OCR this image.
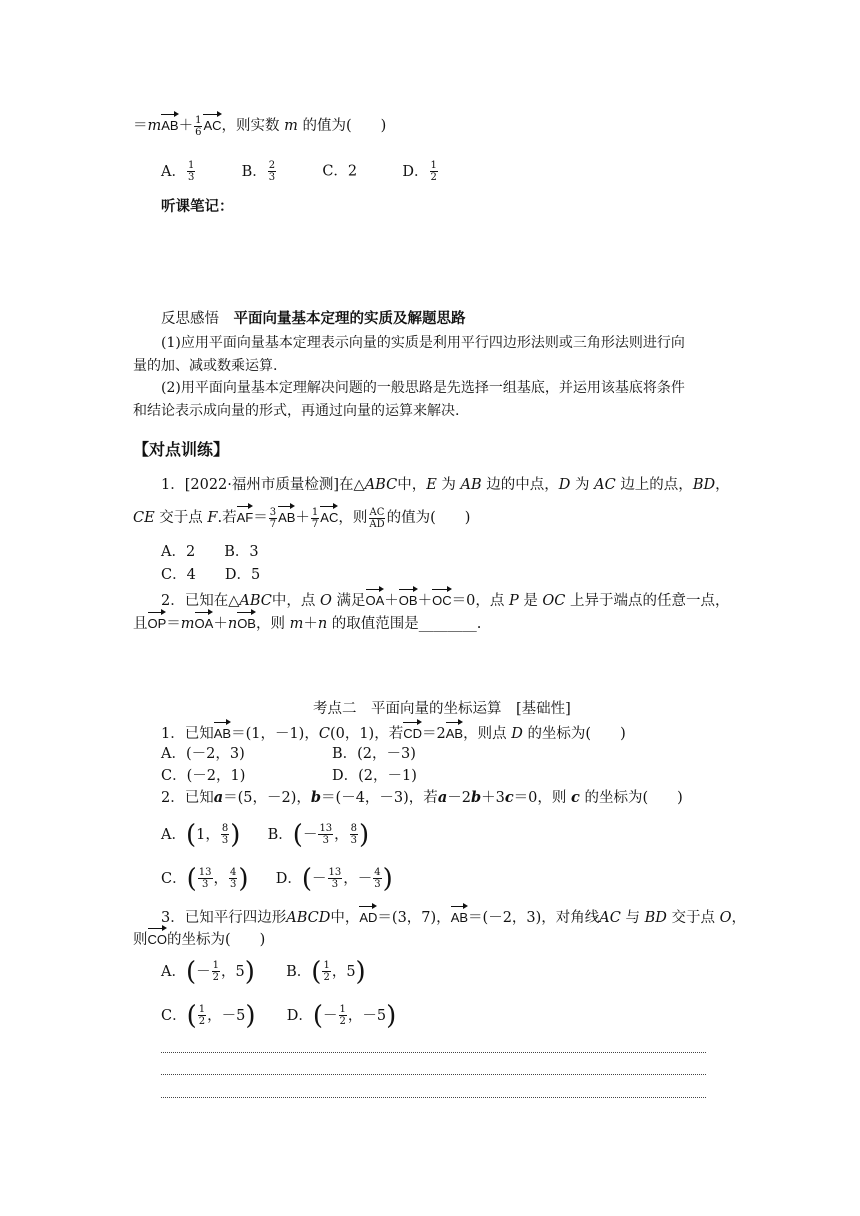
$=mAB+ \frac{1}{6}$ AC，则实数 m 的值为(　　)
A． $\frac{1}{3}$	B． $\frac{2}{3}$	C．2	D． $\frac{1}{2}$
听课笔记：
反思感悟　 平面向量基本定理的实质及解题思路
(1)应用平面向量基本定理表示向量的实质是利用平行四边形法则或三角形法则进行向
量的加、减或数乘运算.
(2)用平面向量基本定理解决问题的一般思路是先选择一组基底，并运用该基底将条件
和结论表示成向量的形式，再通过向量的运算来解决.
【对点训练】
1．[2022·福州市质量检测]在△ABC中，E 为 AB 边的中点，D 为 AC 边上的点，BD，
CE 交于点 F.若$AF= \frac{3}{7} AB+ \frac{1}{7}$ AC，则 $\frac{AC}{AD}$ 的值为(　　)
A．2　　B．3
C．4　　D．5
2．已知在△ABC中，点 O 满足OA＋OB＋OC＝0，点 P 是 OC 上异于端点的任意一点，
且OP＝mOA＋nOB，则 m＋n 的取值范围是________.
考点二　平面向量的坐标运算　[基础性]
1．已知AB＝(1，－1)，C(0，1)，若CD＝2AB，则点 D 的坐标为(　　)
A．(－2，3)	B．(2，－3)
C．(－2，1)	D．(2，－1)
2．已知a＝(5，－2)，b＝(－4，－3)，若a－2b＋3c＝0，则 c 的坐标为(　　)
A．(1， $\frac{8}{3}$ ) B．(－ $\frac{13}{3}$ ， $\frac{8}{3}$ )
C．( $\frac{13}{3}$ ， $\frac{4}{3}$ ) D．(－ $\frac{13}{3}$ ，－ $\frac{4}{3}$ )
3．已知平行四边形ABCD中，AD＝(3，7)，AB＝(－2，3)，对角线AC 与 BD 交于点 O，
则CO的坐标为(　　)
A．(－ $\frac{1}{2}$ ，5) B．( $\frac{1}{2}$ ，5)
C．( $\frac{1}{2}$ ，－5) D．(－ $\frac{1}{2}$ ，－5)
